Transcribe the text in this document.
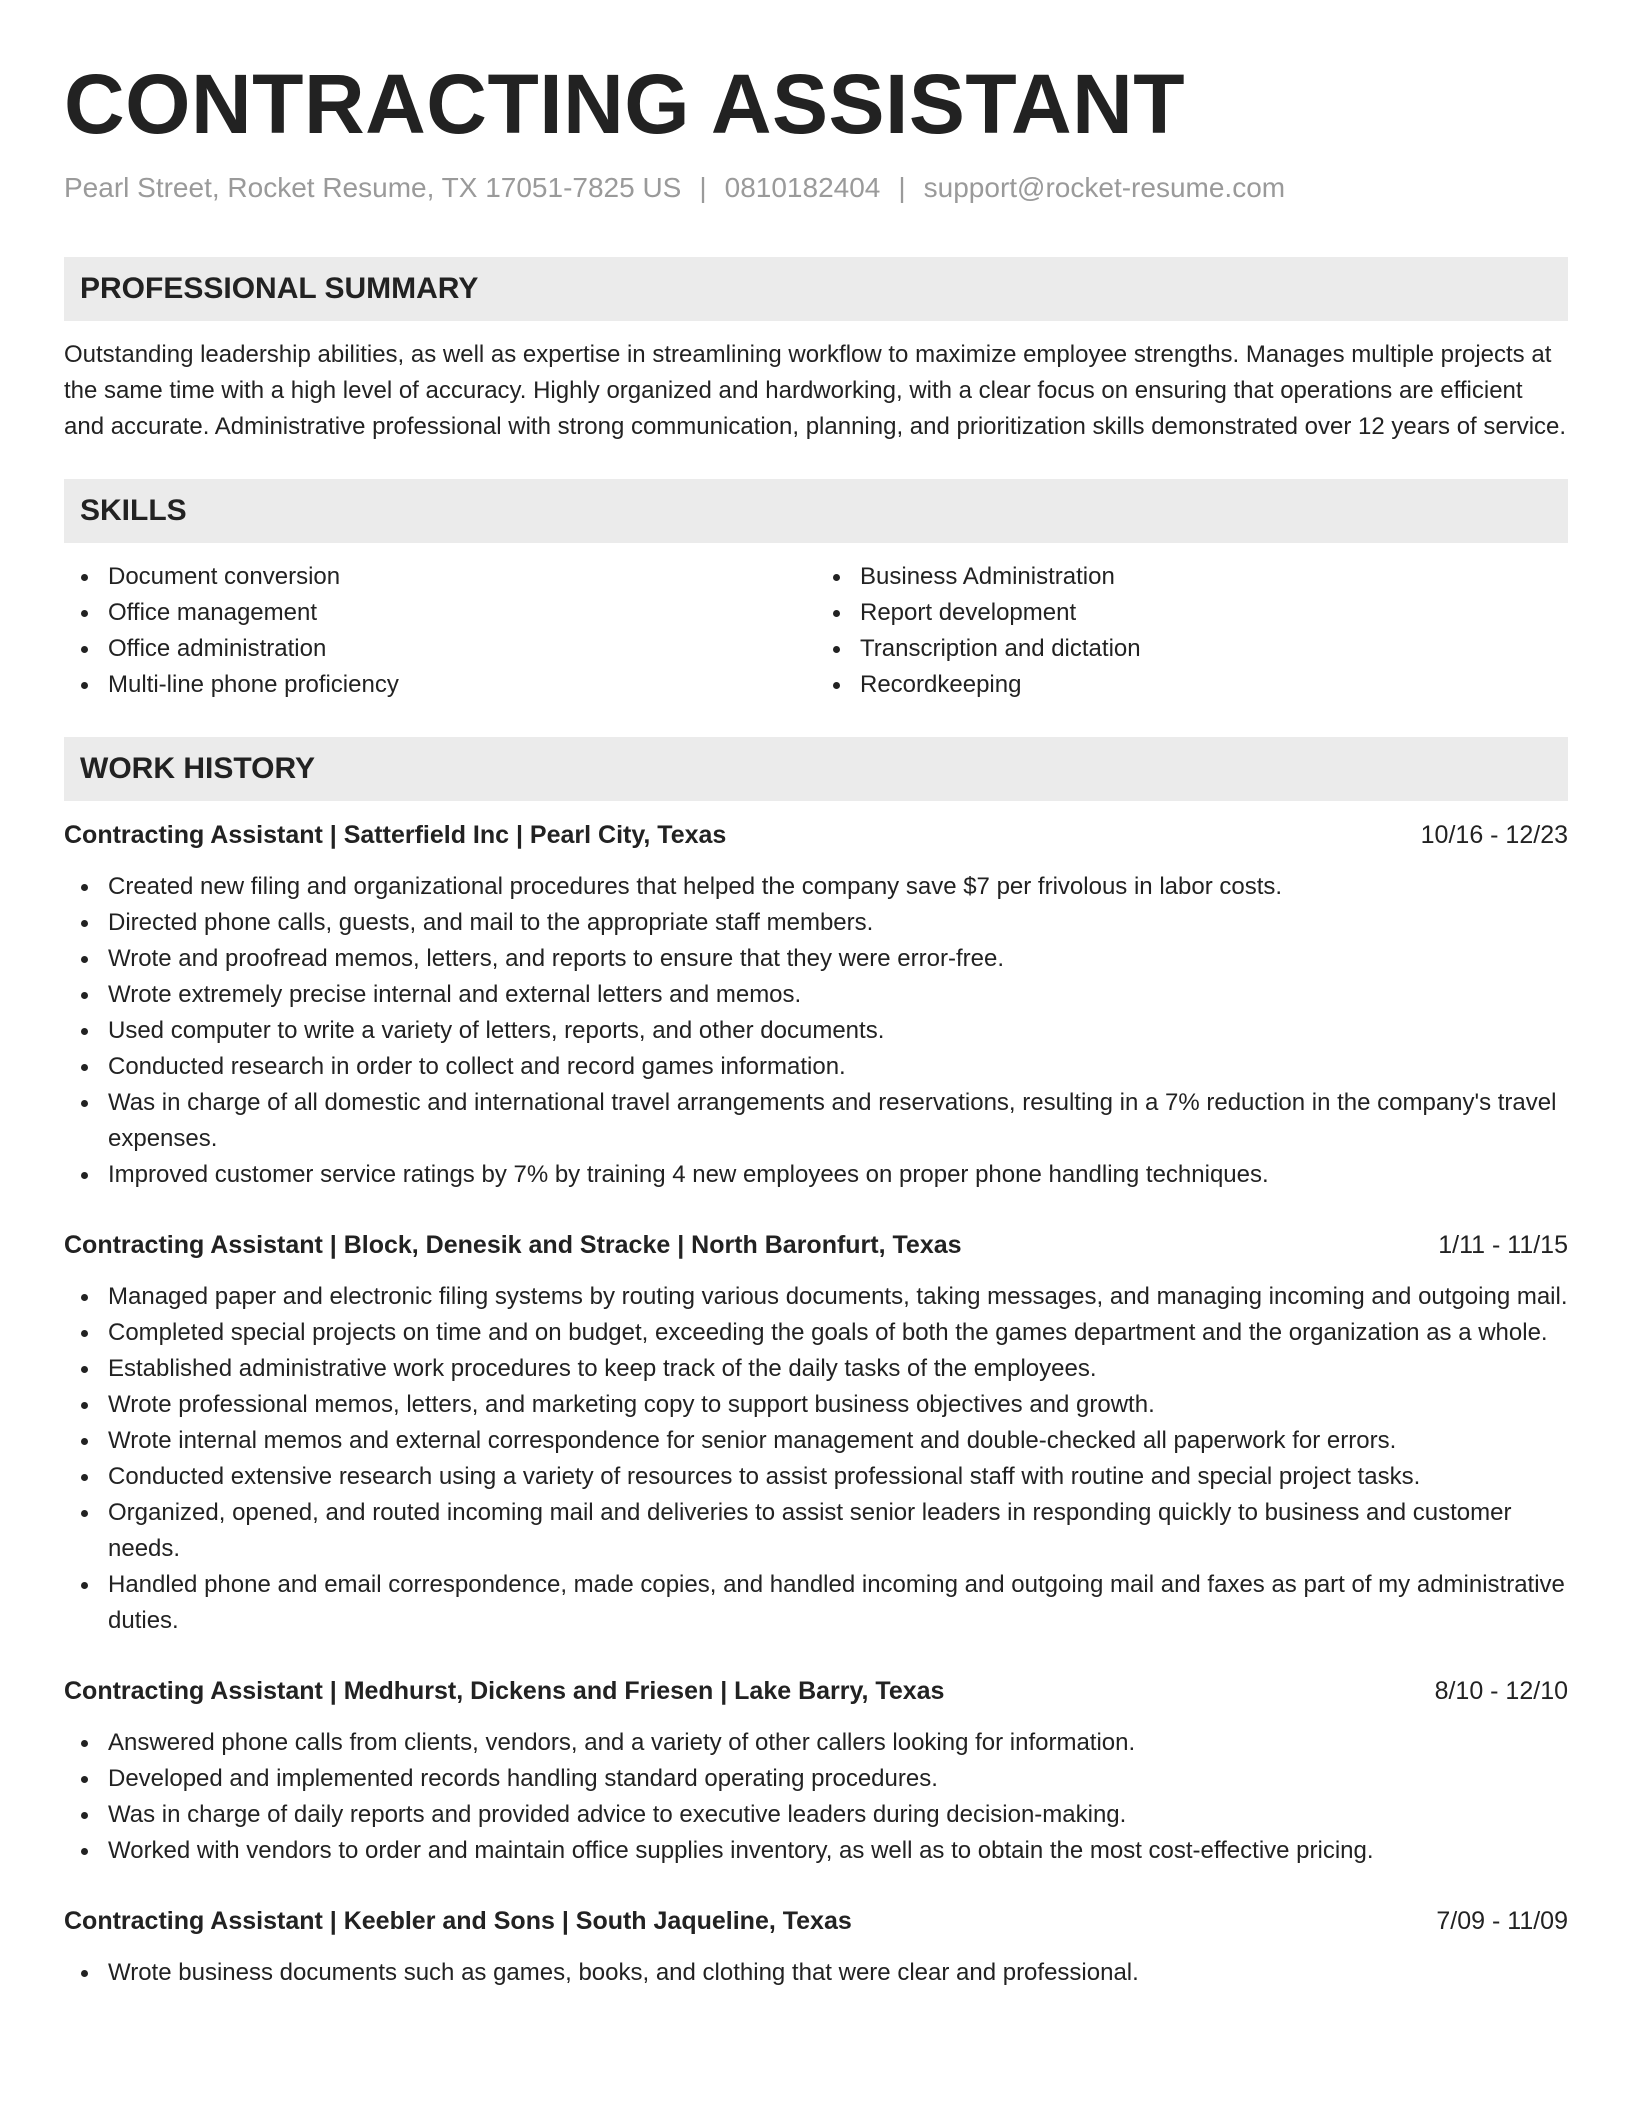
CONTRACTING ASSISTANT
Pearl Street, Rocket Resume, TX 17051-7825 US | 0810182404 | support@rocket-resume.com
PROFESSIONAL SUMMARY
Outstanding leadership abilities, as well as expertise in streamlining workflow to maximize employee strengths. Manages multiple projects at the same time with a high level of accuracy. Highly organized and hardworking, with a clear focus on ensuring that operations are efficient and accurate. Administrative professional with strong communication, planning, and prioritization skills demonstrated over 12 years of service.
SKILLS
Document conversion
Office management
Office administration
Multi-line phone proficiency
Business Administration
Report development
Transcription and dictation
Recordkeeping
WORK HISTORY
Contracting Assistant | Satterfield Inc | Pearl City, Texas	10/16 - 12/23
Created new filing and organizational procedures that helped the company save $7 per frivolous in labor costs.
Directed phone calls, guests, and mail to the appropriate staff members.
Wrote and proofread memos, letters, and reports to ensure that they were error-free.
Wrote extremely precise internal and external letters and memos.
Used computer to write a variety of letters, reports, and other documents.
Conducted research in order to collect and record games information.
Was in charge of all domestic and international travel arrangements and reservations, resulting in a 7% reduction in the company's travel expenses.
Improved customer service ratings by 7% by training 4 new employees on proper phone handling techniques.
Contracting Assistant | Block, Denesik and Stracke | North Baronfurt, Texas	1/11 - 11/15
Managed paper and electronic filing systems by routing various documents, taking messages, and managing incoming and outgoing mail.
Completed special projects on time and on budget, exceeding the goals of both the games department and the organization as a whole.
Established administrative work procedures to keep track of the daily tasks of the employees.
Wrote professional memos, letters, and marketing copy to support business objectives and growth.
Wrote internal memos and external correspondence for senior management and double-checked all paperwork for errors.
Conducted extensive research using a variety of resources to assist professional staff with routine and special project tasks.
Organized, opened, and routed incoming mail and deliveries to assist senior leaders in responding quickly to business and customer needs.
Handled phone and email correspondence, made copies, and handled incoming and outgoing mail and faxes as part of my administrative duties.
Contracting Assistant | Medhurst, Dickens and Friesen | Lake Barry, Texas	8/10 - 12/10
Answered phone calls from clients, vendors, and a variety of other callers looking for information.
Developed and implemented records handling standard operating procedures.
Was in charge of daily reports and provided advice to executive leaders during decision-making.
Worked with vendors to order and maintain office supplies inventory, as well as to obtain the most cost-effective pricing.
Contracting Assistant | Keebler and Sons | South Jaqueline, Texas	7/09 - 11/09
Wrote business documents such as games, books, and clothing that were clear and professional.
